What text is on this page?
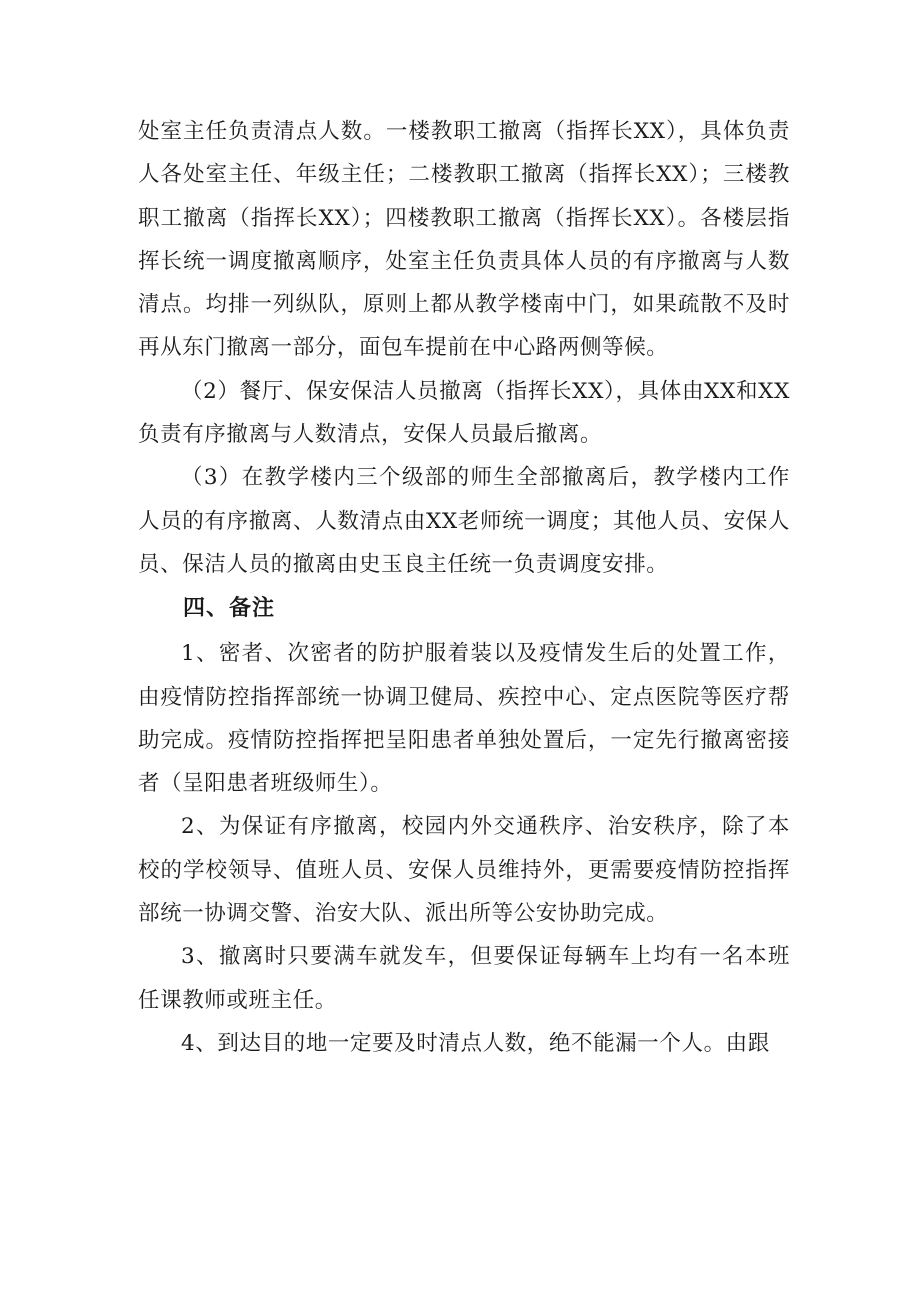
处室主任负责清点人数。一楼教职工撤离（指挥长XX），具体负责人各处室主任、年级主任；二楼教职工撤离（指挥长XX）；三楼教职工撤离（指挥长XX）；四楼教职工撤离（指挥长XX）。各楼层指挥长统一调度撤离顺序，处室主任负责具体人员的有序撤离与人数清点。均排一列纵队，原则上都从教学楼南中门，如果疏散不及时再从东门撤离一部分，面包车提前在中心路两侧等候。

（2）餐厅、保安保洁人员撤离（指挥长XX），具体由XX和XX负责有序撤离与人数清点，安保人员最后撤离。

（3）在教学楼内三个级部的师生全部撤离后，教学楼内工作人员的有序撤离、人数清点由XX老师统一调度；其他人员、安保人员、保洁人员的撤离由史玉良主任统一负责调度安排。

四、备注

1、密者、次密者的防护服着装以及疫情发生后的处置工作，由疫情防控指挥部统一协调卫健局、疾控中心、定点医院等医疗帮助完成。疫情防控指挥把呈阳患者单独处置后，一定先行撤离密接者（呈阳患者班级师生）。

2、为保证有序撤离，校园内外交通秩序、治安秩序，除了本校的学校领导、值班人员、安保人员维持外，更需要疫情防控指挥部统一协调交警、治安大队、派出所等公安协助完成。

3、撤离时只要满车就发车，但要保证每辆车上均有一名本班任课教师或班主任。

4、到达目的地一定要及时清点人数，绝不能漏一个人。由跟
